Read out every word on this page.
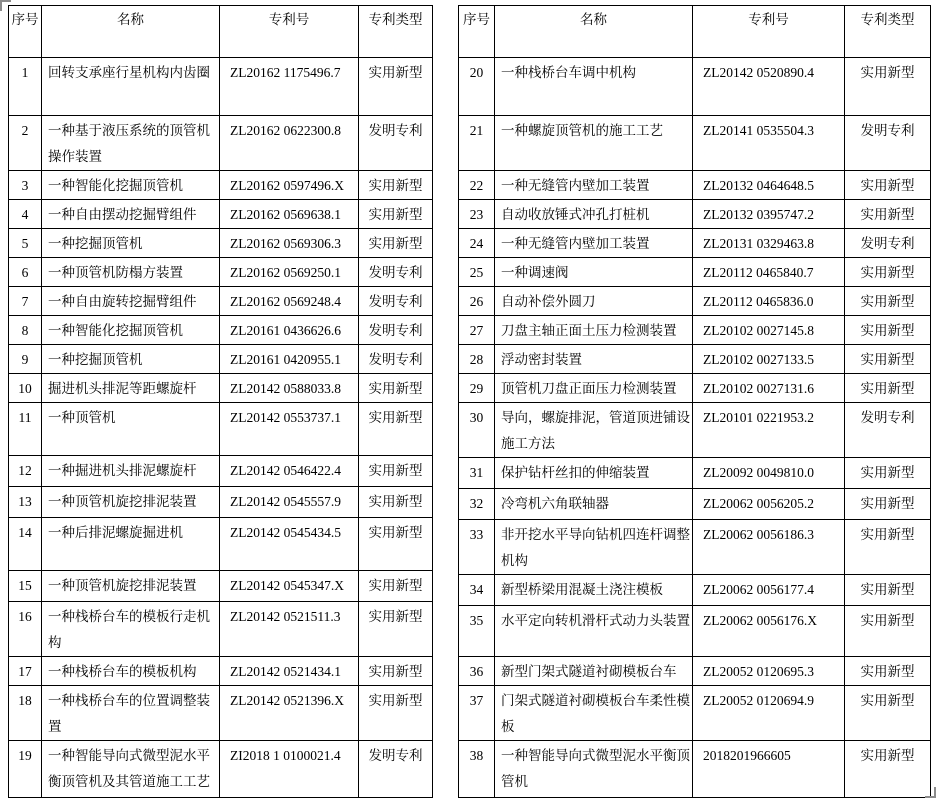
序号	名称	专利号	专利类型
1	回转支承座行星机构内齿圈	ZL20162 1175496.7	实用新型
2	一种基于液压系统的顶管机操作装置	ZL20162 0622300.8	发明专利
3	一种智能化挖掘顶管机	ZL20162 0597496.X	实用新型
4	一种自由摆动挖掘臂组件	ZL20162 0569638.1	实用新型
5	一种挖掘顶管机	ZL20162 0569306.3	实用新型
6	一种顶管机防榻方装置	ZL20162 0569250.1	发明专利
7	一种自由旋转挖掘臂组件	ZL20162 0569248.4	发明专利
8	一种智能化挖掘顶管机	ZL20161 0436626.6	发明专利
9	一种挖掘顶管机	ZL20161 0420955.1	发明专利
10	掘进机头排泥等距螺旋杆	ZL20142 0588033.8	实用新型
11	一种顶管机	ZL20142 0553737.1	实用新型
12	一种掘进机头排泥螺旋杆	ZL20142 0546422.4	实用新型
13	一种顶管机旋挖排泥装置	ZL20142 0545557.9	实用新型
14	一种后排泥螺旋掘进机	ZL20142 0545434.5	实用新型
15	一种顶管机旋挖排泥装置	ZL20142 0545347.X	实用新型
16	一种栈桥台车的模板行走机构	ZL20142 0521511.3	实用新型
17	一种栈桥台车的模板机构	ZL20142 0521434.1	实用新型
18	一种栈桥台车的位置调整装置	ZL20142 0521396.X	实用新型
19	一种智能导向式微型泥水平衡顶管机及其管道施工工艺	ZI2018 1 0100021.4	发明专利
序号	名称	专利号	专利类型
20	一种栈桥台车调中机构	ZL20142 0520890.4	实用新型
21	一种螺旋顶管机的施工工艺	ZL20141 0535504.3	发明专利
22	一种无缝管内壁加工装置	ZL20132 0464648.5	实用新型
23	自动收放锤式冲孔打桩机	ZL20132 0395747.2	实用新型
24	一种无缝管内壁加工装置	ZL20131 0329463.8	发明专利
25	一种调速阀	ZL20112 0465840.7	实用新型
26	自动补偿外圆刀	ZL20112 0465836.0	实用新型
27	刀盘主轴正面土压力检测装置	ZL20102 0027145.8	实用新型
28	浮动密封装置	ZL20102 0027133.5	实用新型
29	顶管机刀盘正面压力检测装置	ZL20102 0027131.6	实用新型
30	导向，螺旋排泥，管道顶进铺设施工方法	ZL20101 0221953.2	发明专利
31	保护钻杆丝扣的伸缩装置	ZL20092 0049810.0	实用新型
32	冷弯机六角联轴器	ZL20062 0056205.2	实用新型
33	非开挖水平导向钻机四连杆调整机构	ZL20062 0056186.3	实用新型
34	新型桥梁用混凝土浇注模板	ZL20062 0056177.4	实用新型
35	水平定向转机滑杆式动力头装置	ZL20062 0056176.X	实用新型
36	新型门架式隧道衬砌模板台车	ZL20052 0120695.3	实用新型
37	门架式隧道衬砌模板台车柔性模板	ZL20052 0120694.9	实用新型
38	一种智能导向式微型泥水平衡顶管机	2018201966605	实用新型
